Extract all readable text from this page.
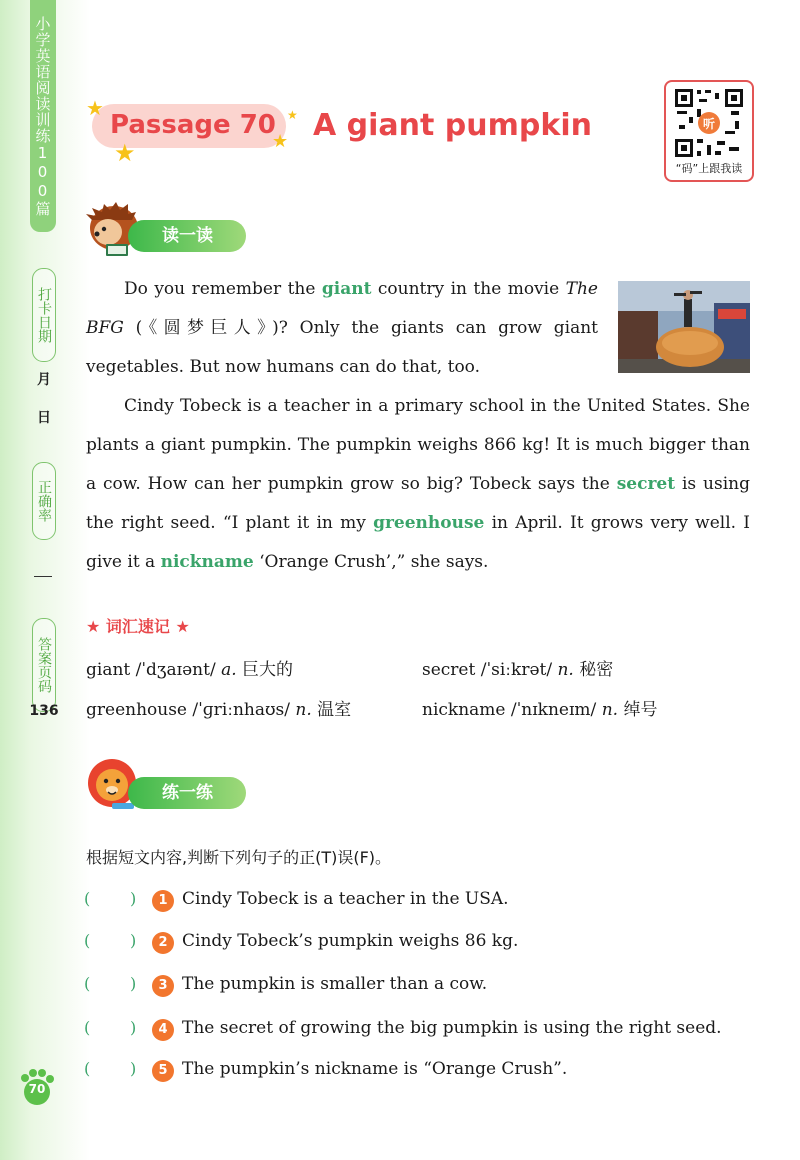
小学英语阅读训练100篇
打卡日期
月
日
正确率
答案页码
136
★
★	★
★
Passage 70 A giant pumpkin	听
“码”上跟我读
读一读

Do you remember the giant country in the movie The BFG (《圆梦巨人》)? Only the giants can grow giant vegetables. But now humans can do that, too.

Cindy Tobeck is a teacher in a primary school in the United States. She plants a giant pumpkin. The pumpkin weighs 866 kg! It is much bigger than a cow. How can her pumpkin grow so big? Tobeck says the secret is using the right seed. “I plant it in my greenhouse in April. It grows very well. I give it a nickname ‘Orange Crush’,” she says.

★ 词汇速记 ★
giant /ˈdʒaɪənt/ a. 巨大的	secret /ˈsiːkrət/ n. 秘密
greenhouse /ˈɡriːnhaʊs/ n. 温室	nickname /ˈnɪkneɪm/ n. 绰号
练一练
根据短文内容,判断下列句子的正(T)误(F)。
( )	1 Cindy Tobeck is a teacher in the USA.
( )	2 Cindy Tobeck’s pumpkin weighs 86 kg.
( )	3 The pumpkin is smaller than a cow.
( )	4 The secret of growing the big pumpkin is using the right seed.
( )	5 The pumpkin’s nickname is “Orange Crush”.
70
